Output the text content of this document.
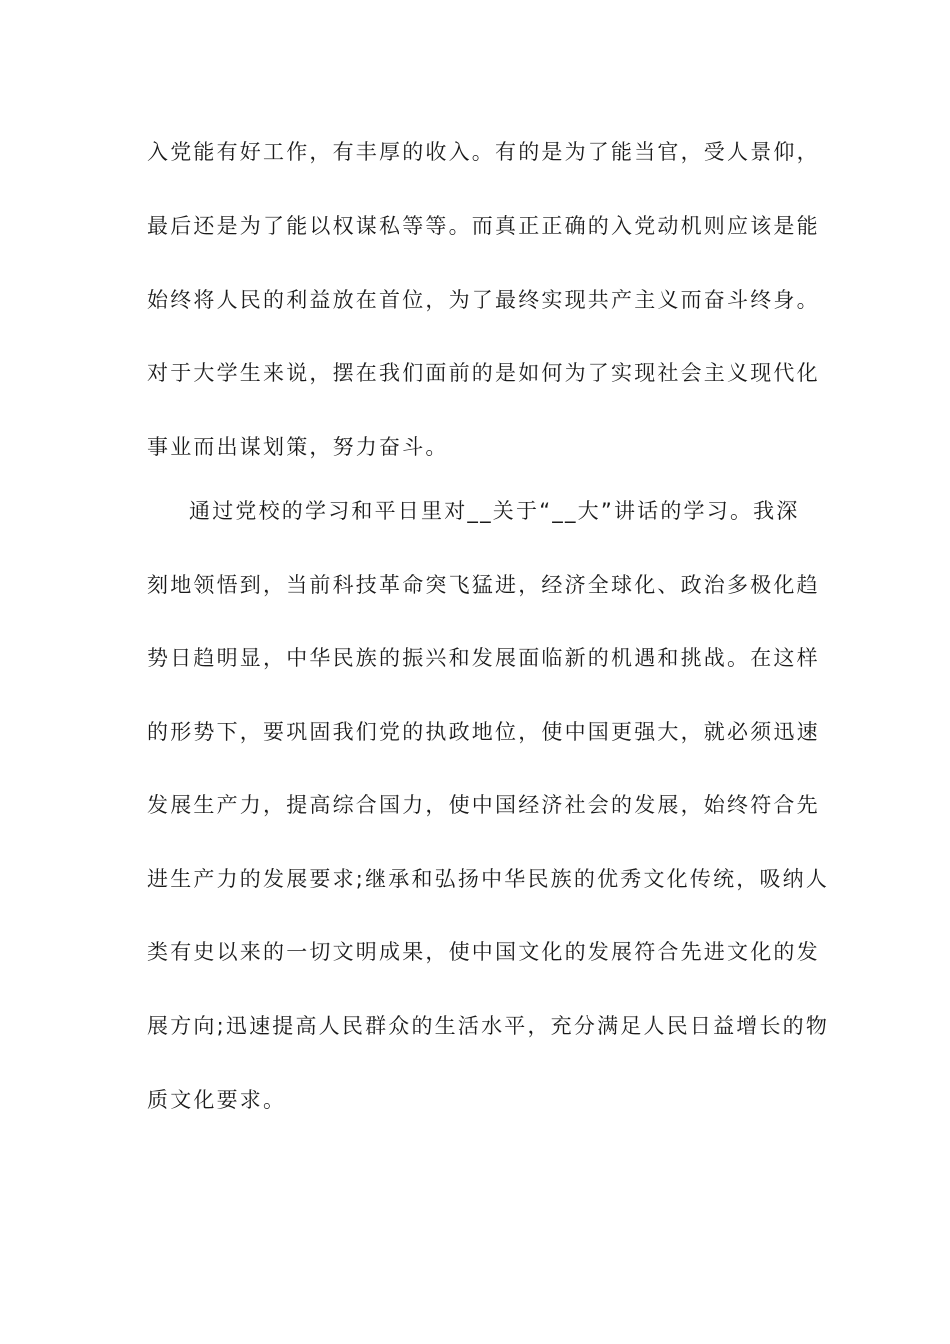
入党能有好工作，有丰厚的收入。有的是为了能当官，受人景仰，
最后还是为了能以权谋私等等。而真正正确的入党动机则应该是能
始终将人民的利益放在首位，为了最终实现共产主义而奋斗终身。
对于大学生来说，摆在我们面前的是如何为了实现社会主义现代化
事业而出谋划策，努力奋斗。
通过党校的学习和平日里对__关于“__大”讲话的学习。我深
刻地领悟到，当前科技革命突飞猛进，经济全球化、政治多极化趋
势日趋明显，中华民族的振兴和发展面临新的机遇和挑战。在这样
的形势下，要巩固我们党的执政地位，使中国更强大，就必须迅速
发展生产力，提高综合国力，使中国经济社会的发展，始终符合先
进生产力的发展要求;继承和弘扬中华民族的优秀文化传统，吸纳人
类有史以来的一切文明成果，使中国文化的发展符合先进文化的发
展方向;迅速提高人民群众的生活水平，充分满足人民日益增长的物
质文化要求。
